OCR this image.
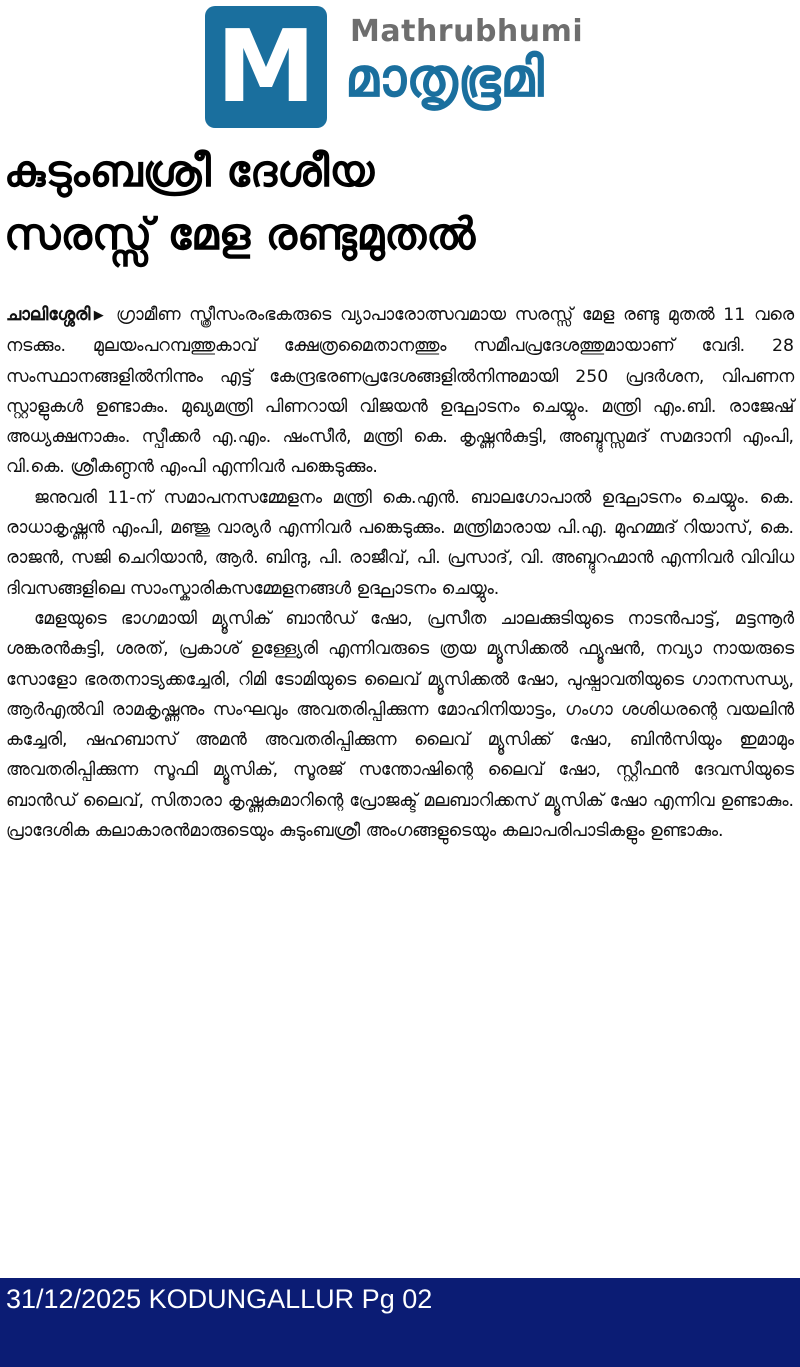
M Mathrubhumi
മാതൃഭൂമി
കുടുംബശ്രീ ദേശീയ
സരസ്സ് മേള രണ്ടുമുതൽ

ചാലിശ്ശേരി▶ ഗ്രാമീണ സ്ത്രീസംരംഭകരുടെ വ്യാപാരോത്സവമായ സരസ്സ് മേള രണ്ടു മുതൽ 11 വരെ നടക്കും. മുലയംപറമ്പത്തുകാവ് ക്ഷേത്രമൈതാനത്തും സമീപപ്രദേശത്തുമായാണ് വേദി. 28 സംസ്ഥാനങ്ങളിൽനിന്നും എട്ട് കേന്ദ്രഭരണപ്രദേശങ്ങളിൽനിന്നുമായി 250 പ്രദർശന, വിപണന സ്റ്റാളുകൾ ഉണ്ടാകും. മുഖ്യമന്ത്രി പിണറായി വിജയൻ ഉദ്ഘാടനം ചെയ്യും. മന്ത്രി എം.ബി. രാജേഷ് അധ്യക്ഷനാകും. സ്പീക്കർ എ.എം. ഷംസീർ, മന്ത്രി കെ. കൃഷ്ണൻകുട്ടി, അബ്ദുസ്സമദ് സമദാനി എംപി, വി.കെ. ശ്രീകണ്ഠൻ എംപി എന്നിവർ പങ്കെടുക്കും.

ജനുവരി 11-ന് സമാപനസമ്മേളനം മന്ത്രി കെ.എൻ. ബാലഗോപാൽ ഉദ്ഘാടനം ചെയ്യും. കെ. രാധാകൃഷ്ണൻ എംപി, മഞ്ജു വാര്യർ എന്നിവർ പങ്കെടുക്കും. മന്ത്രിമാരായ പി.എ. മുഹമ്മദ് റിയാസ്, കെ. രാജൻ, സജി ചെറിയാൻ, ആർ. ബിന്ദു, പി. രാജീവ്, പി. പ്രസാദ്, വി. അബ്ദുറഹ്മാൻ എന്നിവർ വിവിധ ദിവസങ്ങളിലെ സാംസ്കാരികസമ്മേളനങ്ങൾ ഉദ്ഘാടനം ചെയ്യും.

മേളയുടെ ഭാഗമായി മ്യൂസിക് ബാൻഡ് ഷോ, പ്രസീത ചാലക്കുടിയുടെ നാടൻപാട്ട്, മട്ടന്നൂർ ശങ്കരൻകുട്ടി, ശരത്, പ്രകാശ് ഉള്ള്യേരി എന്നിവരുടെ ത്രയ മ്യൂസിക്കൽ ഫ്യൂഷൻ, നവ്യാ നായരുടെ സോളോ ഭരതനാട്യക്കച്ചേരി, റിമി ടോമിയുടെ ലൈവ് മ്യൂസിക്കൽ ഷോ, പുഷ്പാവതിയുടെ ഗാനസന്ധ്യ, ആർഎൽവി രാമകൃഷ്ണനും സംഘവും അവതരിപ്പിക്കുന്ന മോഹിനിയാട്ടം, ഗംഗാ ശശിധരന്റെ വയലിൻ കച്ചേരി, ഷഹബാസ് അമൻ അവതരിപ്പിക്കുന്ന ലൈവ് മ്യൂസിക്ക് ഷോ, ബിൻസിയും ഇമാമും അവതരിപ്പിക്കുന്ന സൂഫി മ്യൂസിക്, സൂരജ് സന്തോഷിന്റെ ലൈവ് ഷോ, സ്റ്റീഫൻ ദേവസിയുടെ ബാൻഡ് ലൈവ്, സിതാരാ കൃഷ്ണകുമാറിന്റെ പ്രോജക്ട് മലബാറിക്കസ് മ്യൂസിക് ഷോ എന്നിവ ഉണ്ടാകും. പ്രാദേശിക കലാകാരൻമാരുടെയും കുടുംബശ്രീ അംഗങ്ങളുടെയും കലാപരിപാടികളും ഉണ്ടാകും.

31/12/2025 KODUNGALLUR Pg 02
